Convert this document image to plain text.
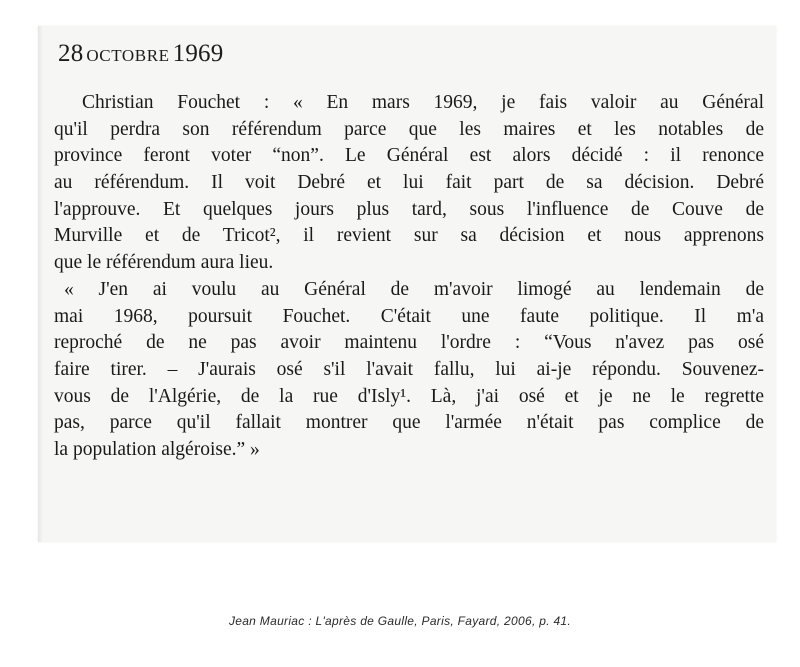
28 OCTOBRE 1969
Christian Fouchet : « En mars 1969, je fais valoir au Général
qu'il perdra son référendum parce que les maires et les notables de
province feront voter “non”. Le Général est alors décidé : il renonce
au référendum. Il voit Debré et lui fait part de sa décision. Debré
l'approuve. Et quelques jours plus tard, sous l'influence de Couve de
Murville et de Tricot², il revient sur sa décision et nous apprenons
que le référendum aura lieu.
« J'en ai voulu au Général de m'avoir limogé au lendemain de
mai 1968, poursuit Fouchet. C'était une faute politique. Il m'a
reproché de ne pas avoir maintenu l'ordre : “Vous n'avez pas osé
faire tirer. – J'aurais osé s'il l'avait fallu, lui ai-je répondu. Souvenez-
vous de l'Algérie, de la rue d'Isly¹. Là, j'ai osé et je ne le regrette
pas, parce qu'il fallait montrer que l'armée n'était pas complice de
la population algéroise.” »
Jean Mauriac : L'après de Gaulle, Paris, Fayard, 2006, p. 41.
